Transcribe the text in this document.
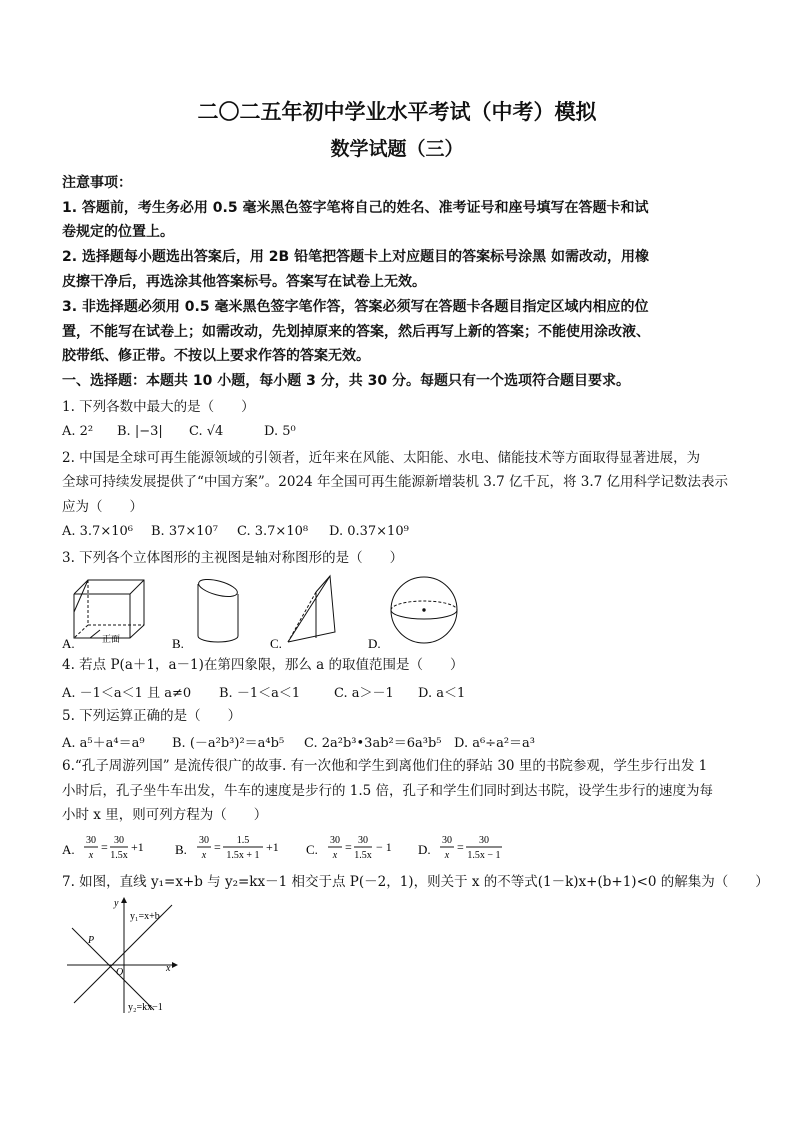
二〇二五年初中学业水平考试（中考）模拟
数学试题（三）
注意事项：
1. 答题前，考生务必用 0.5 毫米黑色签字笔将自己的姓名、准考证号和座号填写在答题卡和试
卷规定的位置上。
2. 选择题每小题选出答案后，用 2B 铅笔把答题卡上对应题目的答案标号涂黑 如需改动，用橡
皮擦干净后，再选涂其他答案标号。答案写在试卷上无效。
3. 非选择题必须用 0.5 毫米黑色签字笔作答，答案必须写在答题卡各题目指定区域内相应的位
置，不能写在试卷上；如需改动，先划掉原来的答案，然后再写上新的答案；不能使用涂改液、
胶带纸、修正带。不按以上要求作答的答案无效。
一、选择题：本题共 10 小题，每小题 3 分，共 30 分。每题只有一个选项符合题目要求。
1. 下列各数中最大的是（　　）
A. 2² B. |−3| C. √4	D. 5⁰
2. 中国是全球可再生能源领域的引领者，近年来在风能、太阳能、水电、储能技术等方面取得显著进展，为
全球可持续发展提供了“中国方案”。2024 年全国可再生能源新增装机 3.7 亿千瓦，将 3.7 亿用科学记数法表示
应为（　　）
A. 3.7×10⁶ B. 37×10⁷ C. 3.7×10⁸ D. 0.37×10⁹
3. 下列各个立体图形的主视图是轴对称图形的是（　　）
正面
A.	B.	C.	D.
4. 若点 P(a＋1，a－1)在第四象限，那么 a 的取值范围是（　　）
A. －1＜a＜1 且 a≠0 B. －1＜a＜1	C. a＞－1 D. a＜1
5. 下列运算正确的是（　　）
A. a⁵＋a⁴＝a⁹ B. (－a²b³)²＝a⁴b⁵ C. 2a²b³•3ab²＝6a³b⁵ D. a⁶÷a²＝a³
6.“孔子周游列国” 是流传很广的故事. 有一次他和学生到离他们住的驿站 30 里的书院参观，学生步行出发 1
小时后，孔子坐牛车出发，牛车的速度是步行的 1.5 倍，孔子和学生们同时到达书院，设学生步行的速度为每
小时 x 里，则可列方程为（　　）
A.
30
x
= 30
1.5x
+1 B.
30
x
= 1.5
1.5x + 1
+1 C.
30
x
= 30
1.5x
− 1 D.
30
x
= 30
1.5x − 1
7. 如图，直线 y₁=x+b 与 y₂=kx－1 相交于点 P(－2，1)，则关于 x 的不等式(1－k)x+(b+1)<0 的解集为（　　）
y
x
O
P
y₁=x+b
y₂=kx−1
